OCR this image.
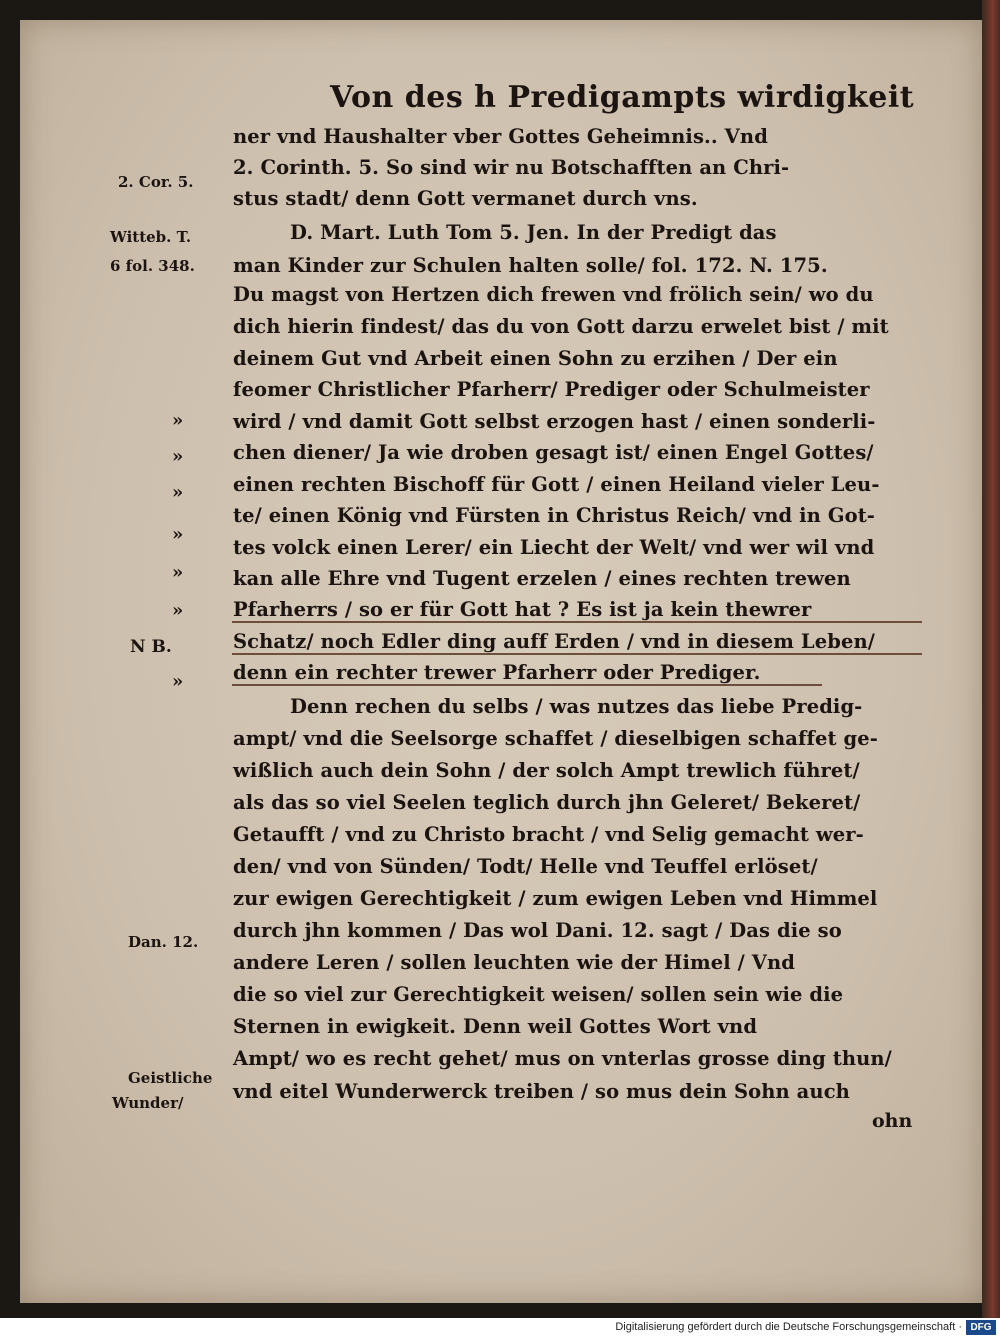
Von des h Predigampts wirdigkeit
ner vnd Haushalter vber Gottes Geheimnis.. Vnd
2. Corinth. 5. So sind wir nu Botschafften an Chri-
stus stadt/ denn Gott vermanet durch vns.
D. Mart. Luth Tom 5. Jen. In der Predigt das
man Kinder zur Schulen halten solle/ fol. 172. N. 175.
Du magst von Hertzen dich frewen vnd frölich sein/ wo du
dich hierin findest/ das du von Gott darzu erwelet bist / mit
deinem Gut vnd Arbeit einen Sohn zu erzihen / Der ein
feomer Christlicher Pfarherr/ Prediger oder Schulmeister
wird / vnd damit Gott selbst erzogen hast / einen sonderli-
chen diener/ Ja wie droben gesagt ist/ einen Engel Gottes/
einen rechten Bischoff für Gott / einen Heiland vieler Leu-
te/ einen König vnd Fürsten in Christus Reich/ vnd in Got-
tes volck einen Lerer/ ein Liecht der Welt/ vnd wer wil vnd
kan alle Ehre vnd Tugent erzelen / eines rechten trewen
Pfarherrs / so er für Gott hat ? Es ist ja kein thewrer
Schatz/ noch Edler ding auff Erden / vnd in diesem Leben/
denn ein rechter trewer Pfarherr oder Prediger.
Denn rechen du selbs / was nutzes das liebe Predig-
ampt/ vnd die Seelsorge schaffet / dieselbigen schaffet ge-
wißlich auch dein Sohn / der solch Ampt trewlich führet/
als das so viel Seelen teglich durch jhn Geleret/ Bekeret/
Getaufft / vnd zu Christo bracht / vnd Selig gemacht wer-
den/ vnd von Sünden/ Todt/ Helle vnd Teuffel erlöset/
zur ewigen Gerechtigkeit / zum ewigen Leben vnd Himmel
durch jhn kommen / Das wol Dani. 12. sagt / Das die so
andere Leren / sollen leuchten wie der Himel / Vnd
die so viel zur Gerechtigkeit weisen/ sollen sein wie die
Sternen in ewigkeit. Denn weil Gottes Wort vnd
Ampt/ wo es recht gehet/ mus on vnterlas grosse ding thun/
vnd eitel Wunderwerck treiben / so mus dein Sohn auch
ohn
2. Cor. 5.
Witteb. T.
6 fol. 348.
N B.
Dan. 12.
Geistliche
Wunder/
»
»
»
»
»
»
»
Digitalisierung gefördert durch die Deutsche Forschungsgemeinschaft · DFG
